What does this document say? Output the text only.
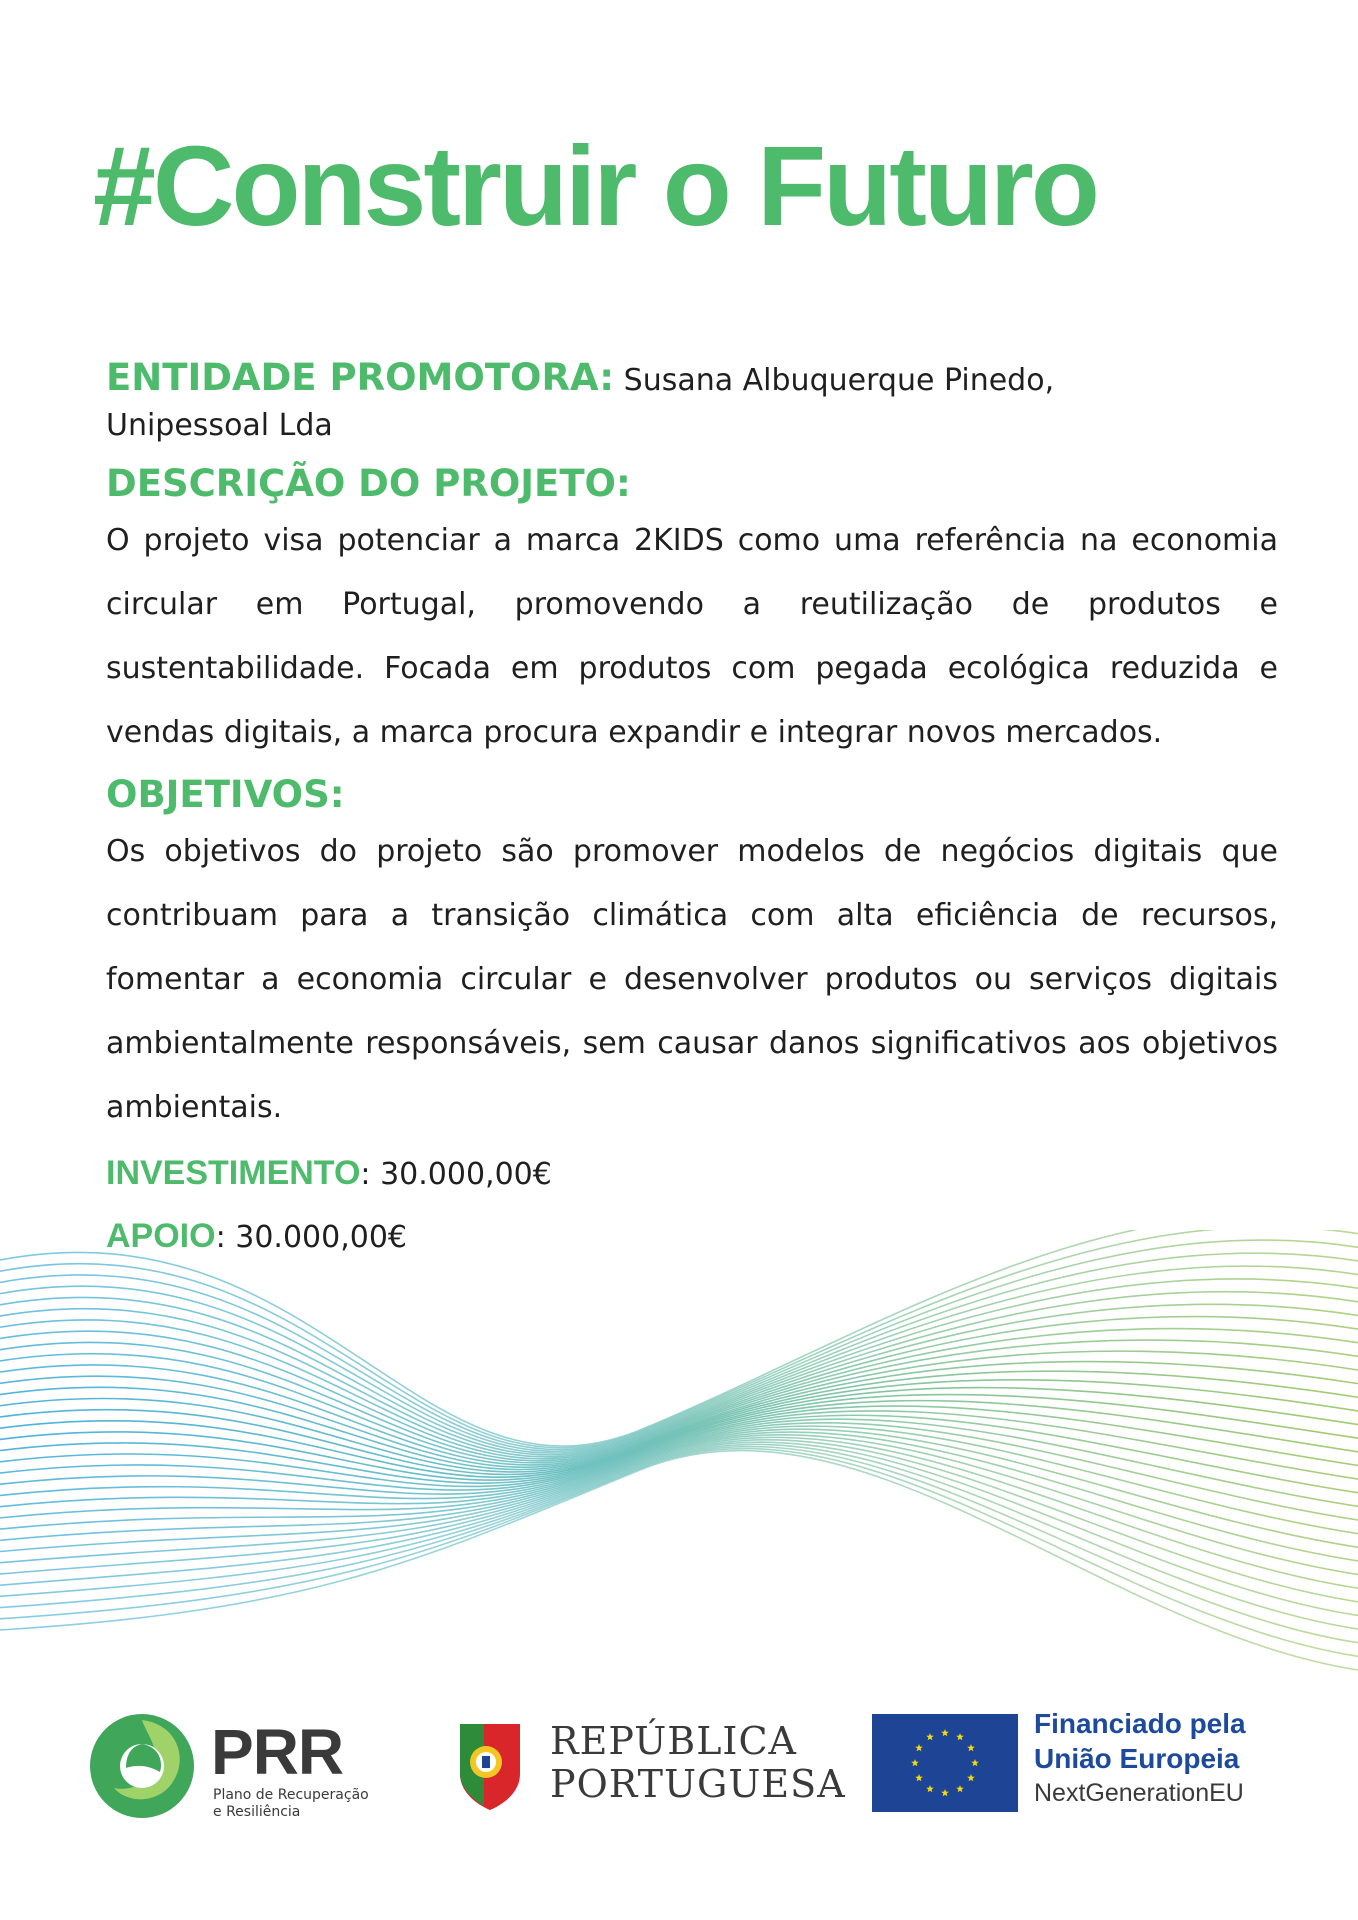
#Construir o Futuro

ENTIDADE PROMOTORA: Susana Albuquerque Pinedo,
Unipessoal Lda

DESCRIÇÃO DO PROJETO:

O projeto visa potenciar a marca 2KIDS como uma referência na economia circular em Portugal, promovendo a reutilização de produtos e sustentabilidade. Focada em produtos com pegada ecológica reduzida e vendas digitais, a marca procura expandir e integrar novos mercados.

OBJETIVOS:

Os objetivos do projeto são promover modelos de negócios digitais que contribuam para a transição climática com alta eficiência de recursos, fomentar a economia circular e desenvolver produtos ou serviços digitais ambientalmente responsáveis, sem causar danos significativos aos objetivos ambientais.

INVESTIMENTO: 30.000,00€

APOIO: 30.000,00€

PRR
Plano de Recuperação
e Resiliência
REPÚBLICA
PORTUGUESA
Financiado pela
União Europeia
NextGenerationEU
